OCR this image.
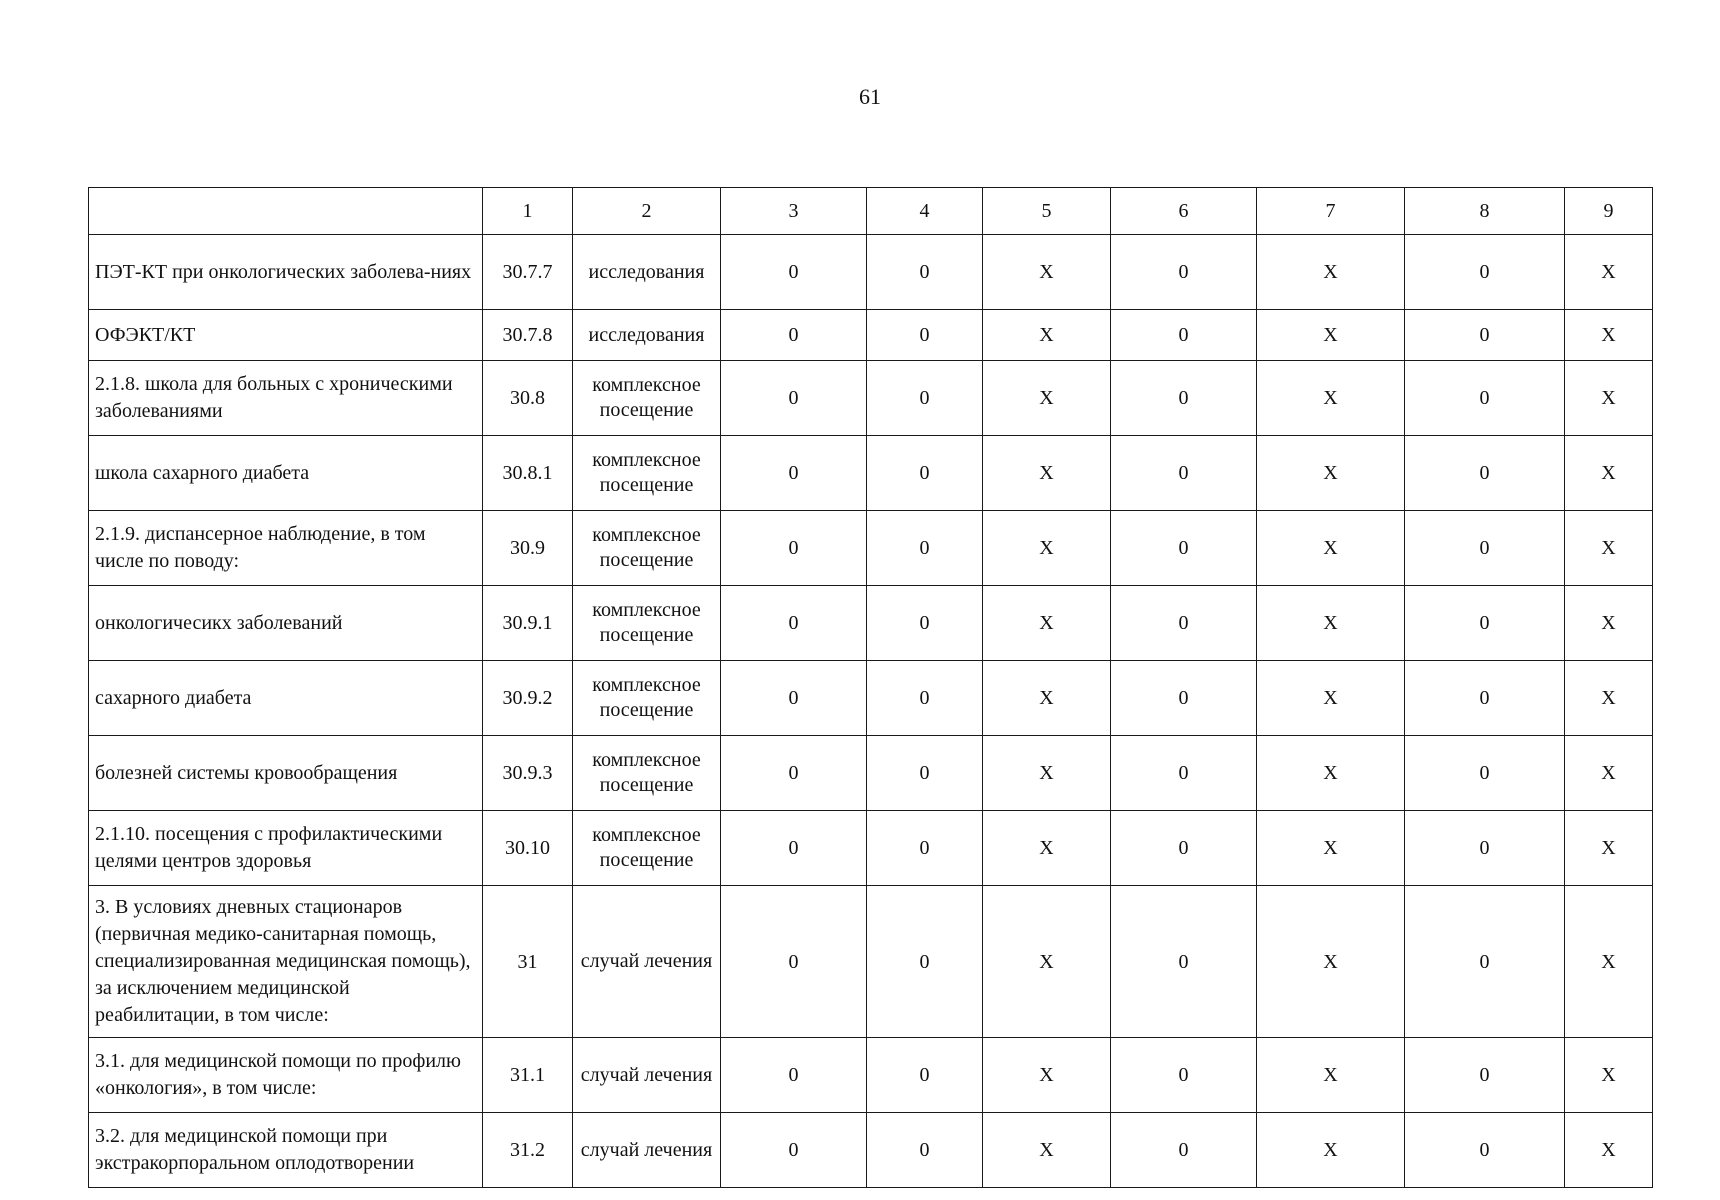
61
	1	2	3	4	5	6	7	8	9
ПЭТ-КТ при онкологических заболева-ниях	30.7.7	исследования	0	0	X	0	X	0	X
ОФЭКТ/КТ	30.7.8	исследования	0	0	X	0	X	0	X
2.1.8. школа для больных с хроническими заболеваниями	30.8	комплексное посещение	0	0	X	0	X	0	X
школа сахарного диабета	30.8.1	комплексное посещение	0	0	X	0	X	0	X
2.1.9. диспансерное наблюдение, в том числе по поводу:	30.9	комплексное посещение	0	0	X	0	X	0	X
онкологичесикх заболеваний	30.9.1	комплексное посещение	0	0	X	0	X	0	X
сахарного диабета	30.9.2	комплексное посещение	0	0	X	0	X	0	X
болезней системы кровообращения	30.9.3	комплексное посещение	0	0	X	0	X	0	X
2.1.10. посещения с профилактическими целями центров здоровья	30.10	комплексное посещение	0	0	X	0	X	0	X
3. В условиях дневных стационаров (первичная медико-санитарная помощь, специализированная медицинская помощь), за исключением медицинской реабилитации, в том числе:	31	случай лечения	0	0	X	0	X	0	X
3.1. для медицинской помощи по профилю «онкология», в том числе:	31.1	случай лечения	0	0	X	0	X	0	X
3.2. для медицинской помощи при экстракорпоральном оплодотворении	31.2	случай лечения	0	0	X	0	X	0	X
